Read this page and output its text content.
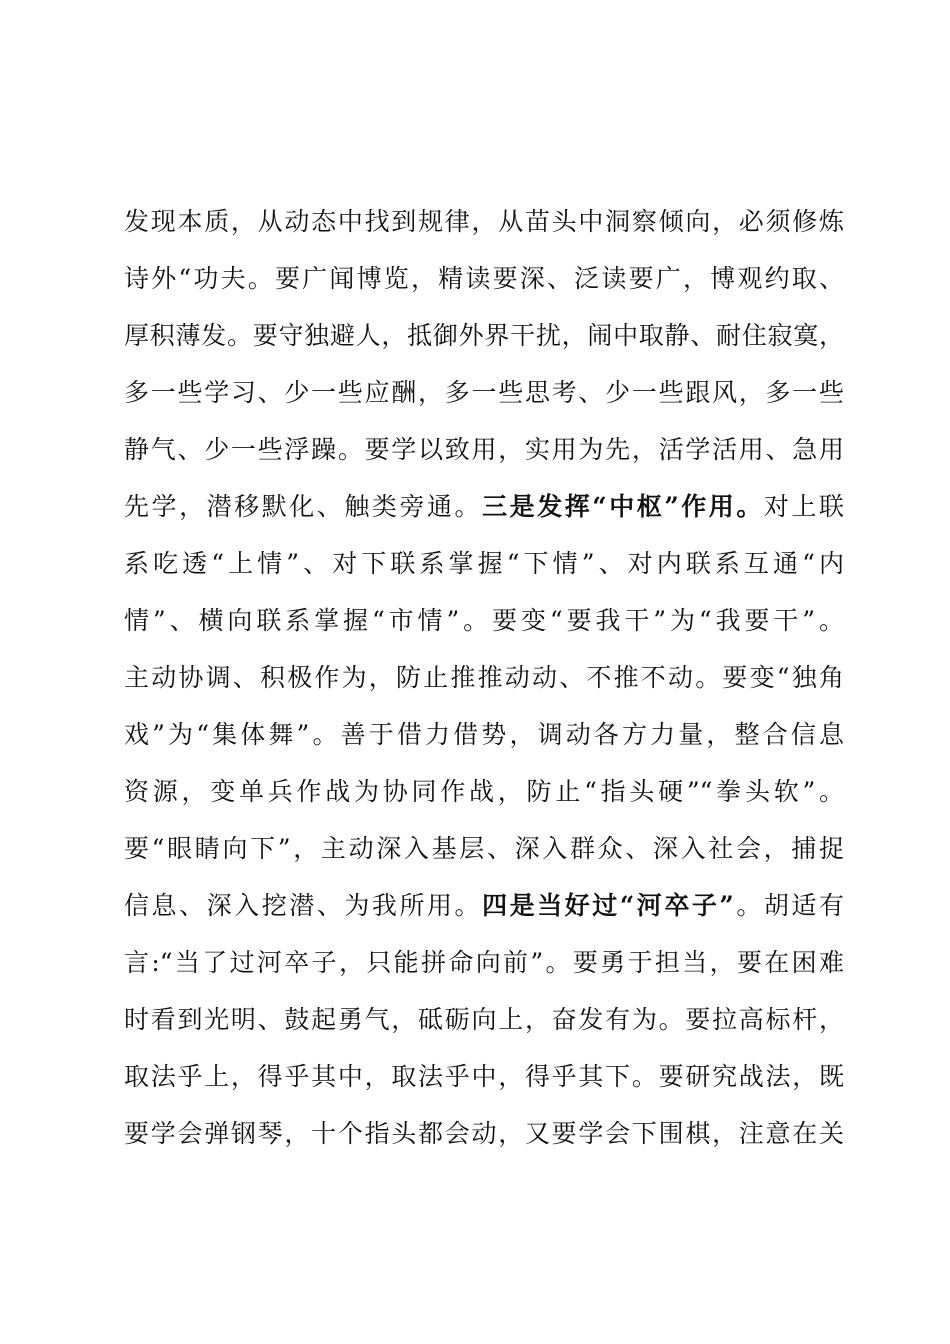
发现本质，从动态中找到规律，从苗头中洞察倾向，必须修炼
诗外“功夫。要广闻博览，精读要深、泛读要广，博观约取、
厚积薄发。要守独避人，抵御外界干扰，闹中取静、耐住寂寞，
多一些学习、少一些应酬，多一些思考、少一些跟风，多一些
静气、少一些浮躁。要学以致用，实用为先，活学活用、急用
先学，潜移默化、触类旁通。三是发挥“中枢”作用。对上联
系吃透“上情”、对下联系掌握“下情”、对内联系互通“内
情”、横向联系掌握“市情”。要变“要我干”为“我要干”。
主动协调、积极作为，防止推推动动、不推不动。要变“独角
戏”为“集体舞”。善于借力借势，调动各方力量，整合信息
资源，变单兵作战为协同作战，防止“指头硬”“拳头软”。
要“眼睛向下”，主动深入基层、深入群众、深入社会，捕捉
信息、深入挖潜、为我所用。四是当好过“河卒子”。胡适有
言:“当了过河卒子，只能拼命向前”。要勇于担当，要在困难
时看到光明、鼓起勇气，砥砺向上，奋发有为。要拉高标杆，
取法乎上，得乎其中，取法乎中，得乎其下。要研究战法，既
要学会弹钢琴，十个指头都会动，又要学会下围棋，注意在关
